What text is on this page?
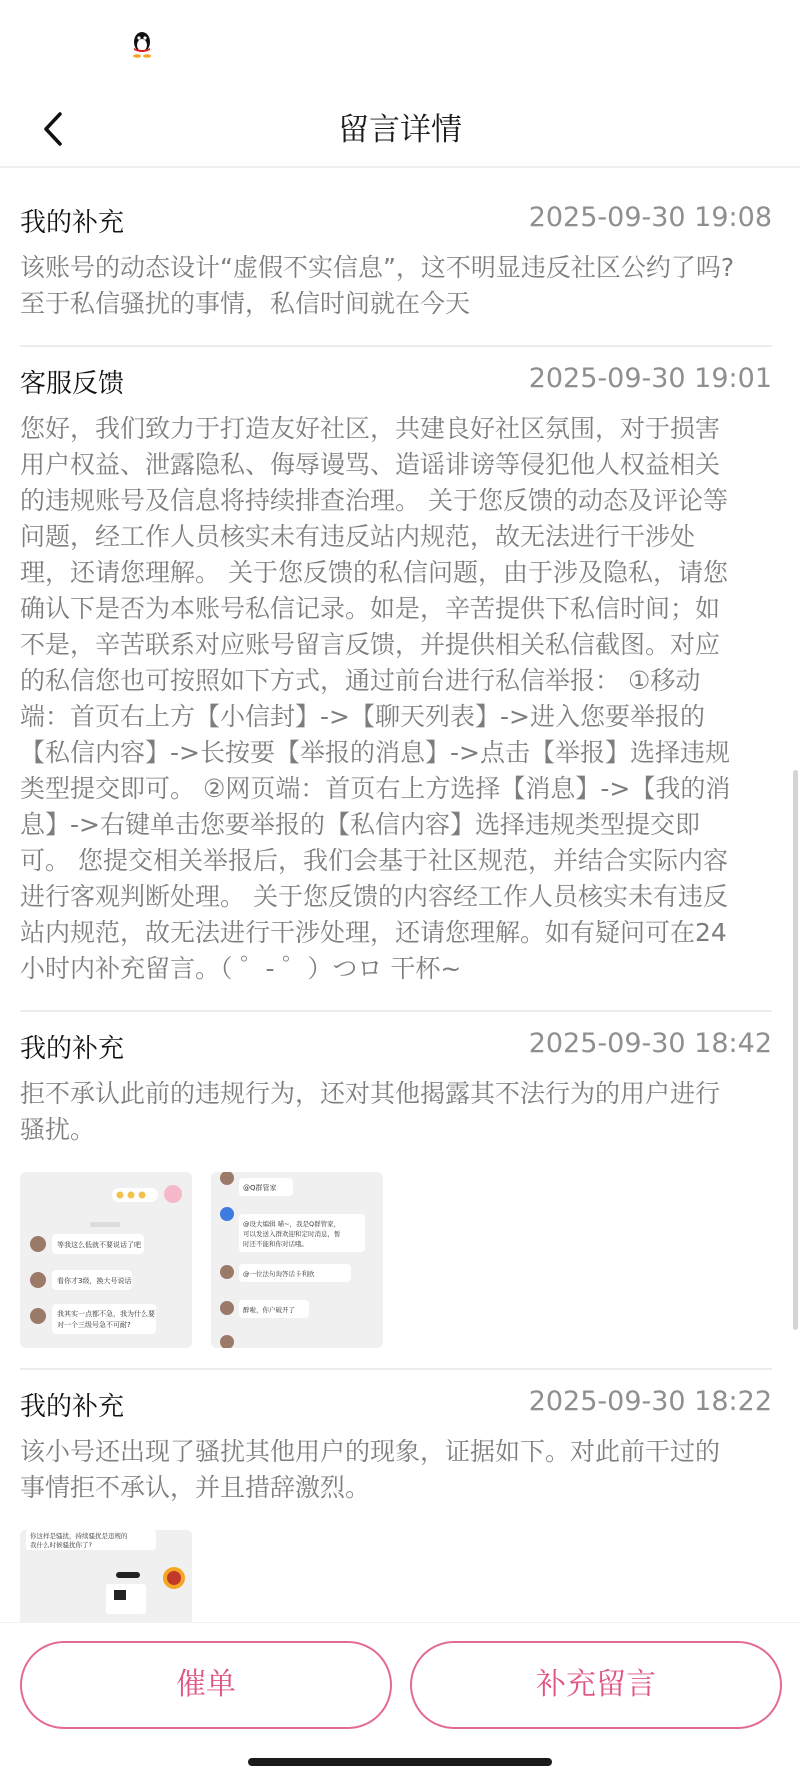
留言详情
我的补充	2025-09-30 19:08
该账号的动态设计“虚假不实信息”，这不明显违反社区公约了吗?
至于私信骚扰的事情，私信时间就在今天
客服反馈	2025-09-30 19:01
您好，我们致力于打造友好社区，共建良好社区氛围，对于损害
用户权益、泄露隐私、侮辱谩骂、造谣诽谤等侵犯他人权益相关
的违规账号及信息将持续排查治理。 关于您反馈的动态及评论等
问题，经工作人员核实未有违反站内规范，故无法进行干涉处
理，还请您理解。 关于您反馈的私信问题，由于涉及隐私，请您
确认下是否为本账号私信记录。如是，辛苦提供下私信时间；如
不是，辛苦联系对应账号留言反馈，并提供相关私信截图。对应
的私信您也可按照如下方式，通过前台进行私信举报： ①移动
端：首页右上方【小信封】->【聊天列表】->进入您要举报的
【私信内容】->长按要【举报的消息】->点击【举报】选择违规
类型提交即可。 ②网页端：首页右上方选择【消息】->【我的消
息】->右键单击您要举报的【私信内容】选择违规类型提交即
可。 您提交相关举报后，我们会基于社区规范，并结合实际内容
进行客观判断处理。 关于您反馈的内容经工作人员核实未有违反
站内规范，故无法进行干涉处理，还请您理解。如有疑问可在24
小时内补充留言。（ ゜- ゜）つロ 干杯~
我的补充	2025-09-30 18:42
拒不承认此前的违规行为，还对其他揭露其不法行为的用户进行
骚扰。
等我这么低就不要说话了吧
看你才3级，换大号说话
我其实一点都不急，我为什么要
对一个三级号急不可耐?
@Q群管家
@设大编辑 喵~，我是Q群管家，
可以发送入群欢迎和定时消息，暂
时还不能和你对话哦。
@一位法句询答话卡利欧
醉啦，你户破开了
我的补充	2025-09-30 18:22
该小号还出现了骚扰其他用户的现象，证据如下。对此前干过的
事情拒不承认，并且措辞激烈。
你这样是骚扰，持续骚扰是违规的
我什么时候骚扰你了?
催单	补充留言
